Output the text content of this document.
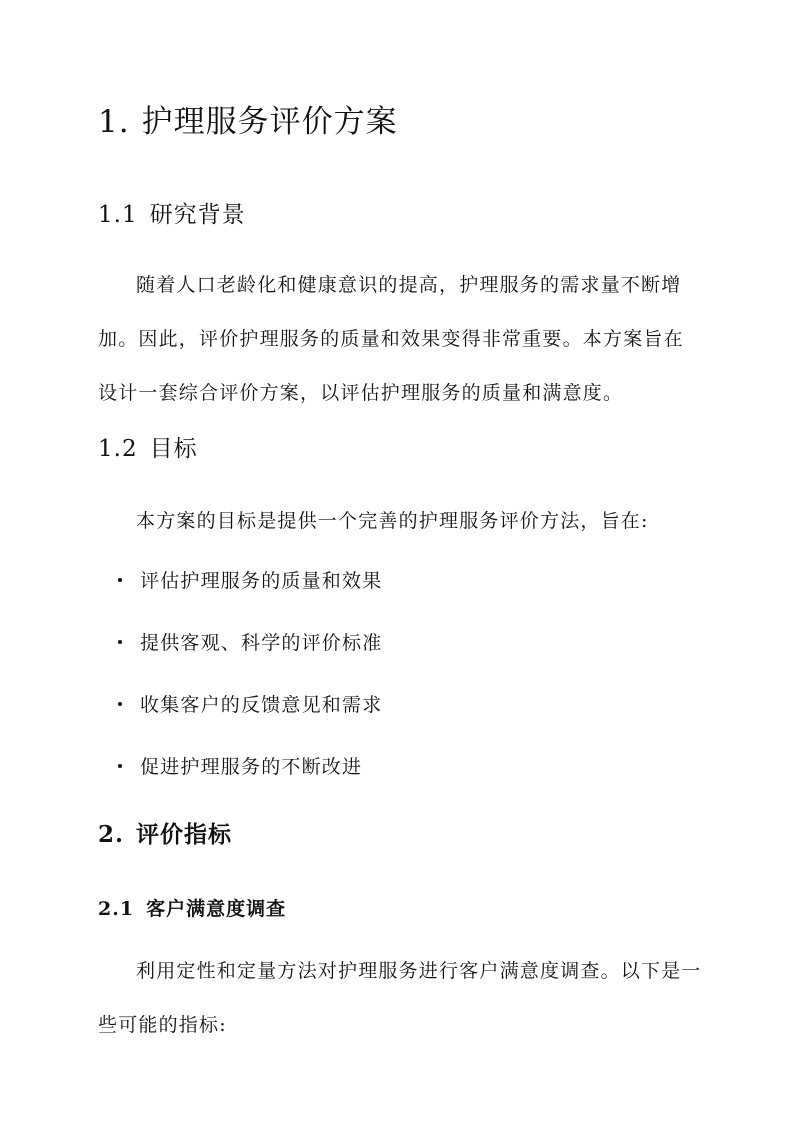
1. 护理服务评价方案
1.1 研究背景

随着人口老龄化和健康意识的提高，护理服务的需求量不断增加。因此，评价护理服务的质量和效果变得非常重要。本方案旨在设计一套综合评价方案，以评估护理服务的质量和满意度。

1.2 目标

本方案的目标是提供一个完善的护理服务评价方法，旨在:

评估护理服务的质量和效果
提供客观、科学的评价标准
收集客户的反馈意见和需求
促进护理服务的不断改进
2. 评价指标
2.1 客户满意度调查

利用定性和定量方法对护理服务进行客户满意度调查。以下是一些可能的指标:
